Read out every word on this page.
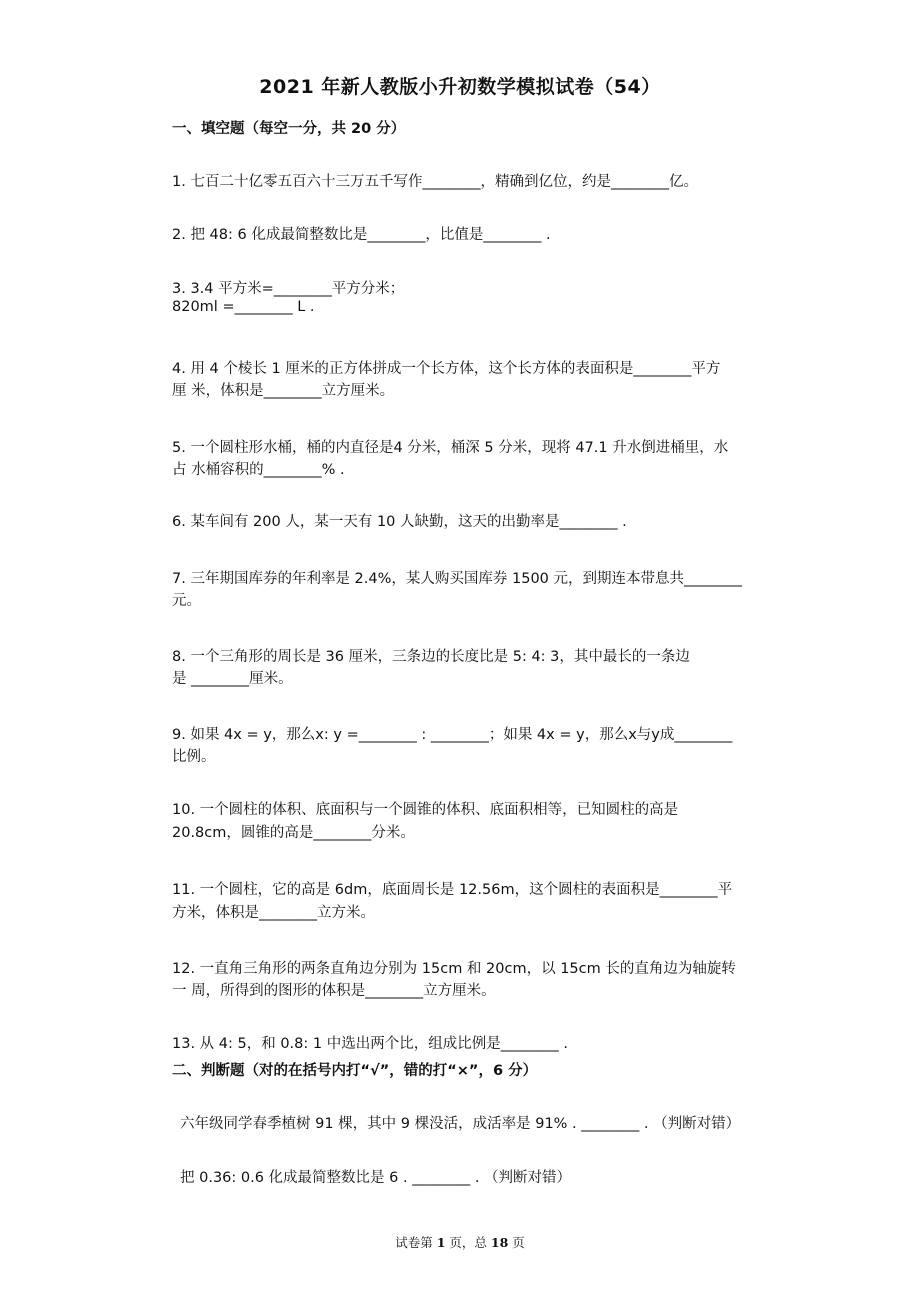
2021 年新人教版小升初数学模拟试卷（54）
一、填空题（每空一分，共 20 分）
1. 七百二十亿零五百六十三万五千写作________，精确到亿位，约是________亿。
2. 把 48: 6 化成最简整数比是________，比值是________ .
3. 3.4 平方米=________平方分米；
820ml =________ L .
4. 用 4 个棱长 1 厘米的正方体拼成一个长方体，这个长方体的表面积是________平方
厘 米，体积是________立方厘米。
5. 一个圆柱形水桶，桶的内直径是4 分米，桶深 5 分米，现将 47.1 升水倒进桶里，水
占 水桶容积的________% .
6. 某车间有 200 人，某一天有 10 人缺勤，这天的出勤率是________ .
7. 三年期国库券的年利率是 2.4%，某人购买国库券 1500 元，到期连本带息共________
元。
8. 一个三角形的周长是 36 厘米，三条边的长度比是 5: 4: 3，其中最长的一条边
是 ________厘米。
9. 如果 4x = y，那么x: y =________ : ________；如果 4x = y，那么x与y成________
比例。
10. 一个圆柱的体积、底面积与一个圆锥的体积、底面积相等，已知圆柱的高是
20.8cm，圆锥的高是________分米。
11. 一个圆柱，它的高是 6dm，底面周长是 12.56m，这个圆柱的表面积是________平
方米，体积是________立方米。
12. 一直角三角形的两条直角边分别为 15cm 和 20cm，以 15cm 长的直角边为轴旋转
一 周，所得到的图形的体积是________立方厘米。
13. 从 4: 5，和 0.8: 1 中选出两个比，组成比例是________ .
二、判断题（对的在括号内打“√”，错的打“×”，6 分）
六年级同学春季植树 91 棵，其中 9 棵没活，成活率是 91% . ________ . （判断对错）
把 0.36: 0.6 化成最简整数比是 6 . ________ . （判断对错）
试卷第 1 页，总 18 页
